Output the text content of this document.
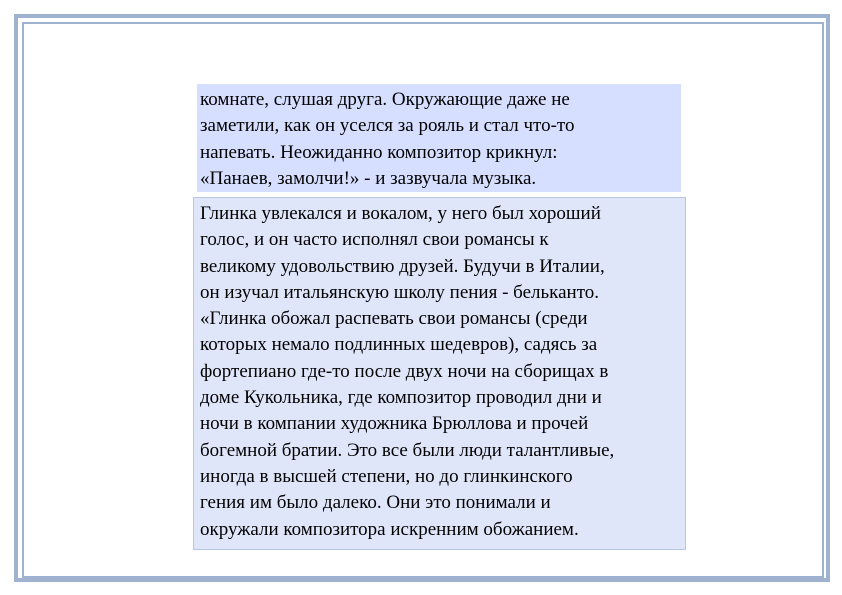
комнате, слушая друга. Окружающие даже не
заметили, как он уселся за рояль и стал что-то
напевать. Неожиданно композитор крикнул:
«Панаев, замолчи!» - и зазвучала музыка.
Глинка увлекался и вокалом, у него был хороший
голос, и он часто исполнял свои романсы к
великому удовольствию друзей. Будучи в Италии,
он изучал итальянскую школу пения - бельканто.
«Глинка обожал распевать свои романсы (среди
которых немало подлинных шедевров), садясь за
фортепиано где-то после двух ночи на сборищах в
доме Кукольника, где композитор проводил дни и
ночи в компании художника Брюллова и прочей
богемной братии. Это все были люди талантливые,
иногда в высшей степени, но до глинкинского
гения им было далеко. Они это понимали и
окружали композитора искренним обожанием.
